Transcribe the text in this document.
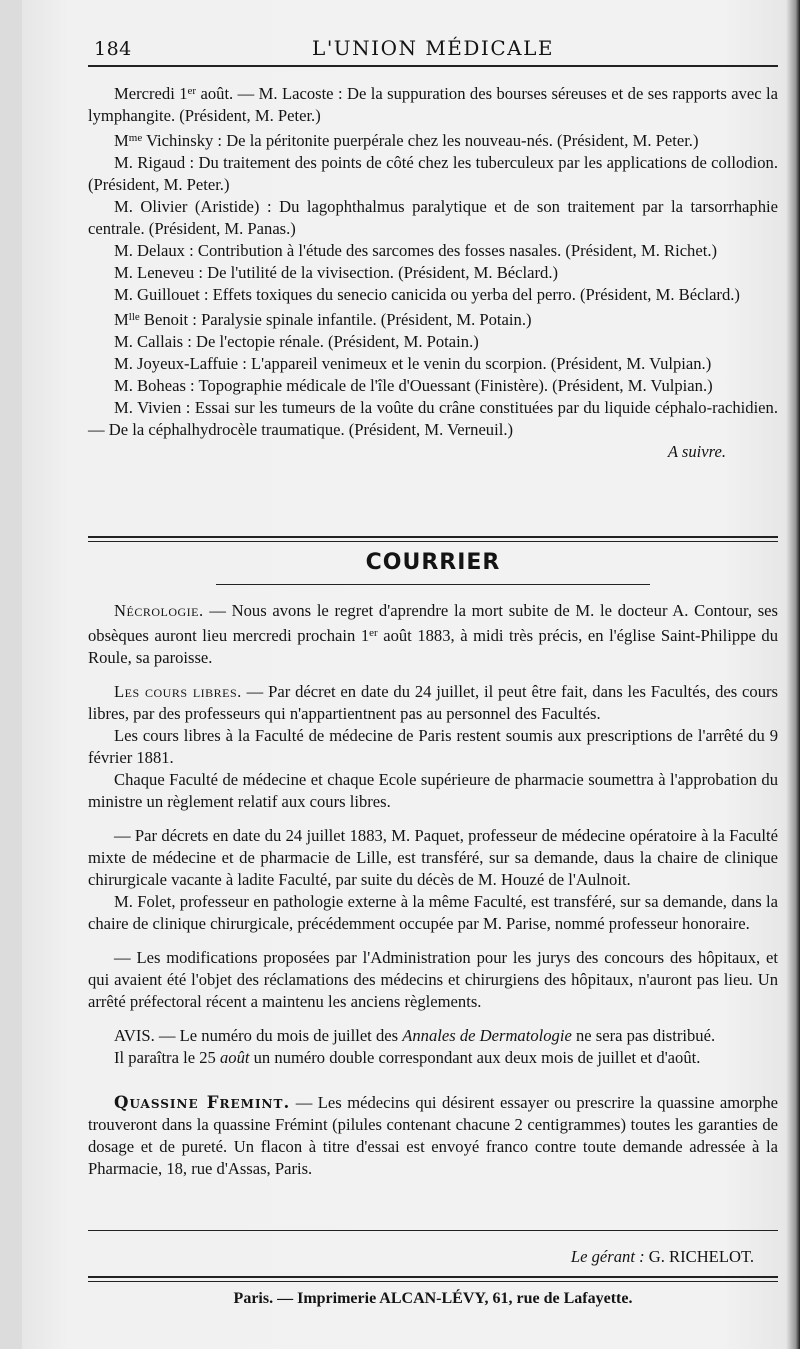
184	L'UNION MÉDICALE

Mercredi 1er août. — M. Lacoste : De la suppuration des bourses séreuses et de ses rapports avec la lymphangite. (Président, M. Peter.)

$M^{me}$ Vichinsky : De la péritonite puerpérale chez les nouveau-nés. (Président, M. Peter.)

M. Rigaud : Du traitement des points de côté chez les tuberculeux par les applications de collodion. (Président, M. Peter.)

M. Olivier (Aristide) : Du lagophthalmus paralytique et de son traitement par la tarsorrhaphie centrale. (Président, M. Panas.)

M. Delaux : Contribution à l'étude des sarcomes des fosses nasales. (Président, M. Richet.)

M. Leneveu : De l'utilité de la vivisection. (Président, M. Béclard.)

M. Guillouet : Effets toxiques du senecio canicida ou yerba del perro. (Président, M. Béclard.)

$M^{lle}$ Benoit : Paralysie spinale infantile. (Président, M. Potain.)

M. Callais : De l'ectopie rénale. (Président, M. Potain.)

M. Joyeux-Laffuie : L'appareil venimeux et le venin du scorpion. (Président, M. Vulpian.)

M. Boheas : Topographie médicale de l'île d'Ouessant (Finistère). (Président, M. Vulpian.)

M. Vivien : Essai sur les tumeurs de la voûte du crâne constituées par du liquide céphalo-rachidien. — De la céphalhydrocèle traumatique. (Président, M. Verneuil.)

A suivre.

COURRIER

Nécrologie. — Nous avons le regret d'aprendre la mort subite de M. le docteur A. Contour, ses obsèques auront lieu mercredi prochain 1er août 1883, à midi très précis, en l'église Saint-Philippe du Roule, sa paroisse.

Les cours libres. — Par décret en date du 24 juillet, il peut être fait, dans les Facultés, des cours libres, par des professeurs qui n'appartientnent pas au personnel des Facultés.

Les cours libres à la Faculté de médecine de Paris restent soumis aux prescriptions de l'arrêté du 9 février 1881.

Chaque Faculté de médecine et chaque Ecole supérieure de pharmacie soumettra à l'approbation du ministre un règlement relatif aux cours libres.

— Par décrets en date du 24 juillet 1883, M. Paquet, professeur de médecine opératoire à la Faculté mixte de médecine et de pharmacie de Lille, est transféré, sur sa demande, daus la chaire de clinique chirurgicale vacante à ladite Faculté, par suite du décès de M. Houzé de l'Aulnoit.

M. Folet, professeur en pathologie externe à la même Faculté, est transféré, sur sa demande, dans la chaire de clinique chirurgicale, précédemment occupée par M. Parise, nommé professeur honoraire.

— Les modifications proposées par l'Administration pour les jurys des concours des hôpitaux, et qui avaient été l'objet des réclamations des médecins et chirurgiens des hôpitaux, n'auront pas lieu. Un arrêté préfectoral récent a maintenu les anciens règlements.

AVIS. — Le numéro du mois de juillet des Annales de Dermatologie ne sera pas distribué.

Il paraîtra le 25 août un numéro double correspondant aux deux mois de juillet et d'août.

Quassine Fremint. — Les médecins qui désirent essayer ou prescrire la quassine amorphe trouveront dans la quassine Frémint (pilules contenant chacune 2 centigrammes) toutes les garanties de dosage et de pureté. Un flacon à titre d'essai est envoyé franco contre toute demande adressée à la Pharmacie, 18, rue d'Assas, Paris.

Le gérant : G. RICHELOT.
Paris. — Imprimerie ALCAN-LÉVY, 61, rue de Lafayette.
